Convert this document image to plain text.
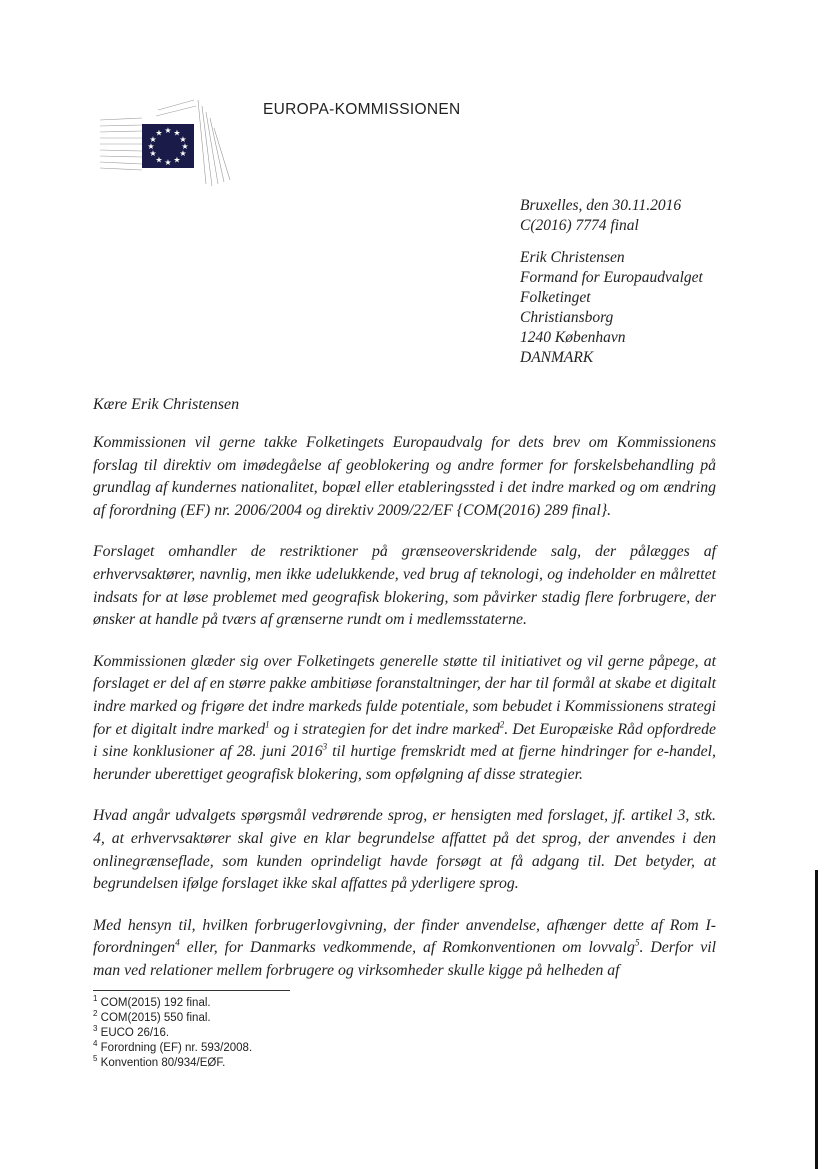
★ ★
★
★
★
★
★
★
★
★
★
★
EUROPA-KOMMISSIONEN
Bruxelles, den 30.11.2016
C(2016) 7774 final
Erik Christensen
Formand for Europaudvalget
Folketinget
Christiansborg
1240 København
DANMARK
Kære Erik Christensen

Kommissionen vil gerne takke Folketingets Europaudvalg for dets brev om Kommissionens forslag til direktiv om imødegåelse af geoblokering og andre former for forskelsbehandling på grundlag af kundernes nationalitet, bopæl eller etableringssted i det indre marked og om ændring af forordning (EF) nr. 2006/2004 og direktiv 2009/22/EF {COM(2016) 289 final}.

Forslaget omhandler de restriktioner på grænseoverskridende salg, der pålægges af erhvervsaktører, navnlig, men ikke udelukkende, ved brug af teknologi, og indeholder en målrettet indsats for at løse problemet med geografisk blokering, som påvirker stadig flere forbrugere, der ønsker at handle på tværs af grænserne rundt om i medlemsstaterne.

Kommissionen glæder sig over Folketingets generelle støtte til initiativet og vil gerne påpege, at forslaget er del af en større pakke ambitiøse foranstaltninger, der har til formål at skabe et digitalt indre marked og frigøre det indre markeds fulde potentiale, som bebudet i Kommissionens strategi for et digitalt indre marked$^1$ og i strategien for det indre marked$^2$. Det Europæiske Råd opfordrede i sine konklusioner af 28. juni 2016$^3$ til hurtige fremskridt med at fjerne hindringer for e-handel, herunder uberettiget geografisk blokering, som opfølgning af disse strategier.

Hvad angår udvalgets spørgsmål vedrørende sprog, er hensigten med forslaget, jf. artikel 3, stk. 4, at erhvervsaktører skal give en klar begrundelse affattet på det sprog, der anvendes i den onlinegrænseflade, som kunden oprindeligt havde forsøgt at få adgang til. Det betyder, at begrundelsen ifølge forslaget ikke skal affattes på yderligere sprog.

Med hensyn til, hvilken forbrugerlovgivning, der finder anvendelse, afhænger dette af Rom I-forordningen$^4$ eller, for Danmarks vedkommende, af Romkonventionen om lovvalg$^5$. Derfor vil man ved relationer mellem forbrugere og virksomheder skulle kigge på helheden af

$^1$ COM(2015) 192 final.
$^2$ COM(2015) 550 final.
$^3$ EUCO 26/16.
$^4$ Forordning (EF) nr. 593/2008.
$^5$ Konvention 80/934/EØF.
